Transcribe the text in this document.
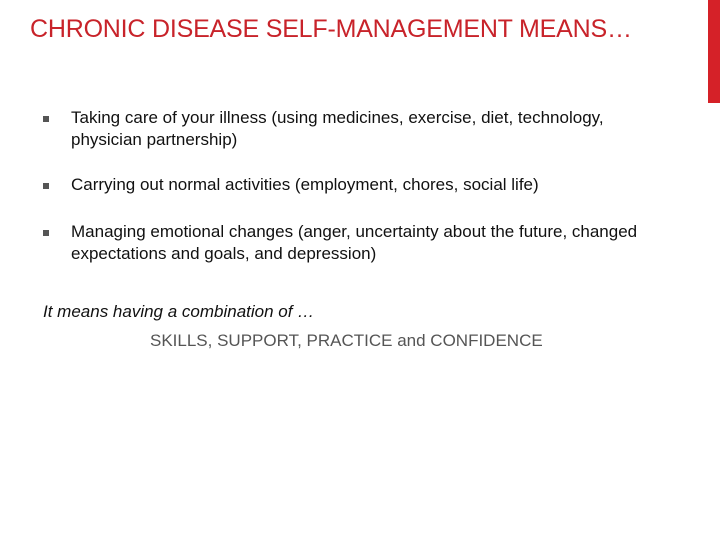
CHRONIC DISEASE SELF-MANAGEMENT MEANS…
Taking care of your illness (using medicines, exercise, diet, technology, physician partnership)
Carrying out normal activities (employment, chores, social life)
Managing emotional changes (anger, uncertainty about the future, changed expectations and goals, and depression)

It means having a combination of …

SKILLS, SUPPORT, PRACTICE and CONFIDENCE
